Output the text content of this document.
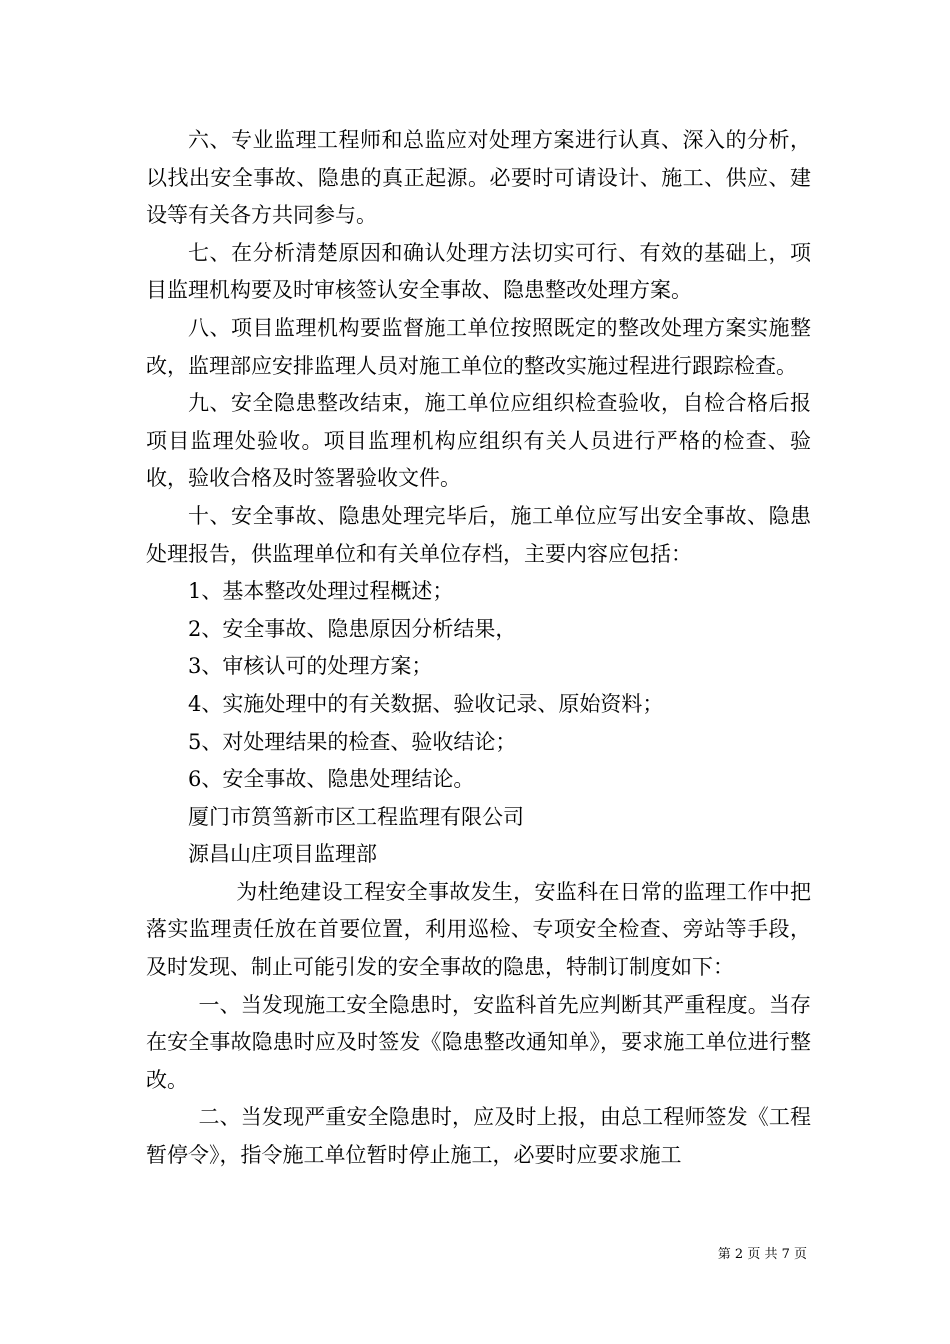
六、专业监理工程师和总监应对处理方案进行认真、深入的分析，以找出安全事故、隐患的真正起源。必要时可请设计、施工、供应、建设等有关各方共同参与。

七、在分析清楚原因和确认处理方法切实可行、有效的基础上，项目监理机构要及时审核签认安全事故、隐患整改处理方案。

八、项目监理机构要监督施工单位按照既定的整改处理方案实施整改，监理部应安排监理人员对施工单位的整改实施过程进行跟踪检查。

九、安全隐患整改结束，施工单位应组织检查验收，自检合格后报项目监理处验收。项目监理机构应组织有关人员进行严格的检查、验收，验收合格及时签署验收文件。

十、安全事故、隐患处理完毕后，施工单位应写出安全事故、隐患处理报告，供监理单位和有关单位存档，主要内容应包括：

1、基本整改处理过程概述；

2、安全事故、隐患原因分析结果，

3、审核认可的处理方案；

4、实施处理中的有关数据、验收记录、原始资料；

5、对处理结果的检查、验收结论；

6、安全事故、隐患处理结论。

厦门市筼筜新市区工程监理有限公司

源昌山庄项目监理部

为杜绝建设工程安全事故发生，安监科在日常的监理工作中把落实监理责任放在首要位置，利用巡检、专项安全检查、旁站等手段，及时发现、制止可能引发的安全事故的隐患，特制订制度如下：

一、当发现施工安全隐患时，安监科首先应判断其严重程度。当存在安全事故隐患时应及时签发《隐患整改通知单》，要求施工单位进行整改。

二、当发现严重安全隐患时，应及时上报，由总工程师签发《工程暂停令》，指令施工单位暂时停止施工，必要时应要求施工

第 2 页 共 7 页
